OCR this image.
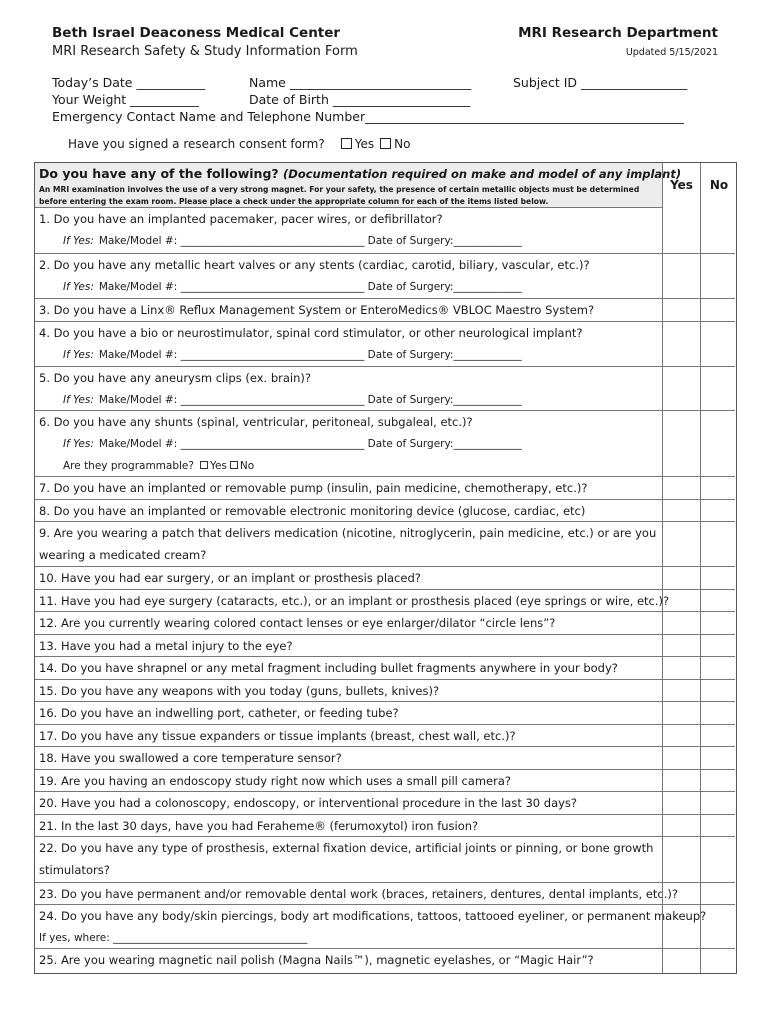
Beth Israel Deaconess Medical Center
MRI Research Safety & Study Information Form
MRI Research Department
Updated 5/15/2021
Today’s Date ___________	Name _____________________________	Subject ID _________________
Your Weight ___________	Date of Birth ______________________
Emergency Contact Name and Telephone Number___________________________________________________
Have you signed a research consent form?	Yes No
Do you have any of the following? (Documentation required on make and model of any implant)
An MRI examination involves the use of a very strong magnet. For your safety, the presence of certain metallic objects must be determined before entering the exam room. Please place a check under the appropriate column for each of the items listed below.
Yes	No
1. Do you have an implanted pacemaker, pacer wires, or defibrillator?
If Yes: Make/Model #: ___________________________________ Date of Surgery:_____________
2. Do you have any metallic heart valves or any stents (cardiac, carotid, biliary, vascular, etc.)?
If Yes: Make/Model #: ___________________________________ Date of Surgery:_____________
3. Do you have a Linx® Reflux Management System or EnteroMedics® VBLOC Maestro System?
4. Do you have a bio or neurostimulator, spinal cord stimulator, or other neurological implant?
If Yes: Make/Model #: ___________________________________ Date of Surgery:_____________
5. Do you have any aneurysm clips (ex. brain)?
If Yes: Make/Model #: ___________________________________ Date of Surgery:_____________
6. Do you have any shunts (spinal, ventricular, peritoneal, subgaleal, etc.)?
If Yes: Make/Model #: ___________________________________ Date of Surgery:_____________
Are they programmable? Yes No
7. Do you have an implanted or removable pump (insulin, pain medicine, chemotherapy, etc.)?
8. Do you have an implanted or removable electronic monitoring device (glucose, cardiac, etc)
9. Are you wearing a patch that delivers medication (nicotine, nitroglycerin, pain medicine, etc.) or are you
wearing a medicated cream?
10. Have you had ear surgery, or an implant or prosthesis placed?
11. Have you had eye surgery (cataracts, etc.), or an implant or prosthesis placed (eye springs or wire, etc.)?
12. Are you currently wearing colored contact lenses or eye enlarger/dilator “circle lens”?
13. Have you had a metal injury to the eye?
14. Do you have shrapnel or any metal fragment including bullet fragments anywhere in your body?
15. Do you have any weapons with you today (guns, bullets, knives)?
16. Do you have an indwelling port, catheter, or feeding tube?
17. Do you have any tissue expanders or tissue implants (breast, chest wall, etc.)?
18. Have you swallowed a core temperature sensor?
19. Are you having an endoscopy study right now which uses a small pill camera?
20. Have you had a colonoscopy, endoscopy, or interventional procedure in the last 30 days?
21. In the last 30 days, have you had Feraheme® (ferumoxytol) iron fusion?
22. Do you have any type of prosthesis, external fixation device, artificial joints or pinning, or bone growth
stimulators?
23. Do you have permanent and/or removable dental work (braces, retainers, dentures, dental implants, etc.)?
24. Do you have any body/skin piercings, body art modifications, tattoos, tattooed eyeliner, or permanent makeup?
If yes, where: _____________________________________
25. Are you wearing magnetic nail polish (Magna Nails™), magnetic eyelashes, or “Magic Hair”?
